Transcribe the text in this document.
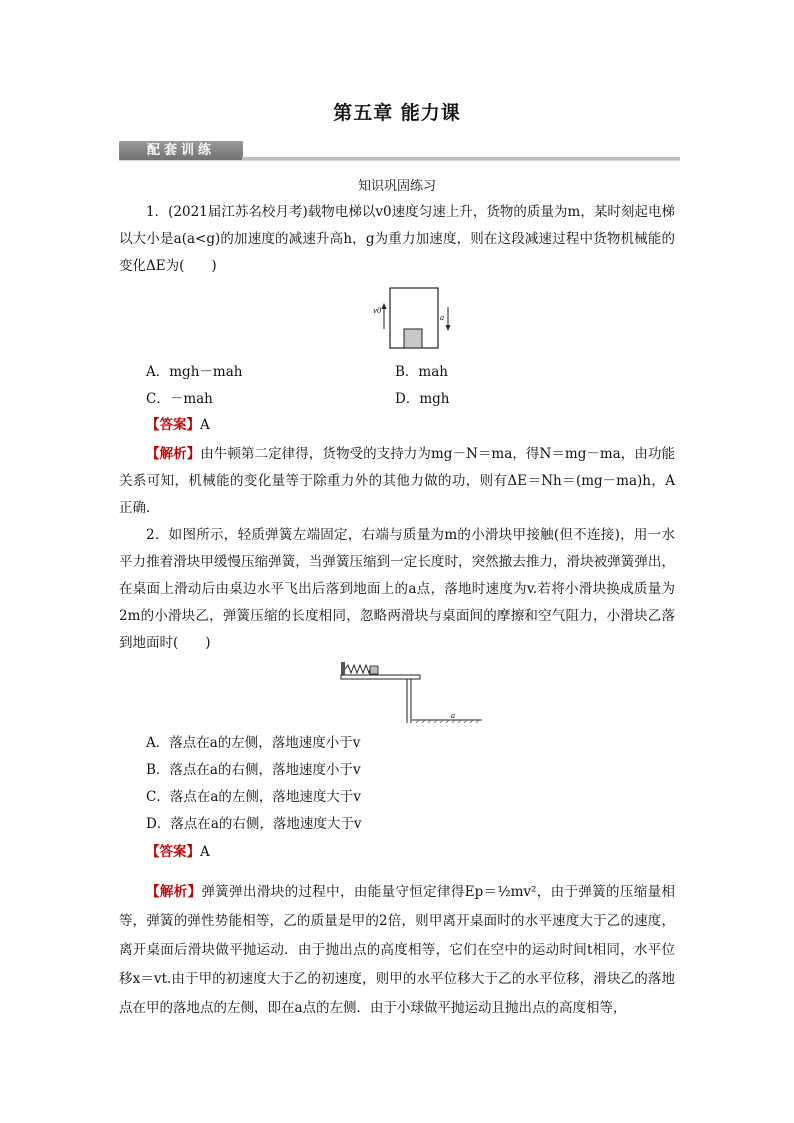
第五章 能力课
配套训练
知识巩固练习
1．(2021届江苏名校月考)载物电梯以v0速度匀速上升，货物的质量为m，某时刻起电梯以大小是a(a<g)的加速度的减速升高h，g为重力加速度，则在这段减速过程中货物机械能的变化ΔE为(　　)
v0
a
A．mgh－mah	B．mah
C．－mah	D．mgh
【答案】A
【解析】由牛顿第二定律得，货物受的支持力为mg－N＝ma，得N＝mg－ma，由功能关系可知，机械能的变化量等于除重力外的其他力做的功，则有ΔE＝Nh＝(mg－ma)h，A正确．
2．如图所示，轻质弹簧左端固定，右端与质量为m的小滑块甲接触(但不连接)，用一水平力推着滑块甲缓慢压缩弹簧，当弹簧压缩到一定长度时，突然撤去推力，滑块被弹簧弹出，在桌面上滑动后由桌边水平飞出后落到地面上的a点，落地时速度为v.若将小滑块换成质量为2m的小滑块乙，弹簧压缩的长度相同，忽略两滑块与桌面间的摩擦和空气阻力，小滑块乙落到地面时(　　)
a
A．落点在a的左侧，落地速度小于v
B．落点在a的右侧，落地速度小于v
C．落点在a的左侧，落地速度大于v
D．落点在a的右侧，落地速度大于v
【答案】A
【解析】弹簧弹出滑块的过程中，由能量守恒定律得Ep＝½mv²，由于弹簧的压缩量相等，弹簧的弹性势能相等，乙的质量是甲的2倍，则甲离开桌面时的水平速度大于乙的速度，离开桌面后滑块做平抛运动．由于抛出点的高度相等，它们在空中的运动时间t相同，水平位移x＝vt.由于甲的初速度大于乙的初速度，则甲的水平位移大于乙的水平位移，滑块乙的落地点在甲的落地点的左侧，即在a点的左侧．由于小球做平抛运动且抛出点的高度相等，
